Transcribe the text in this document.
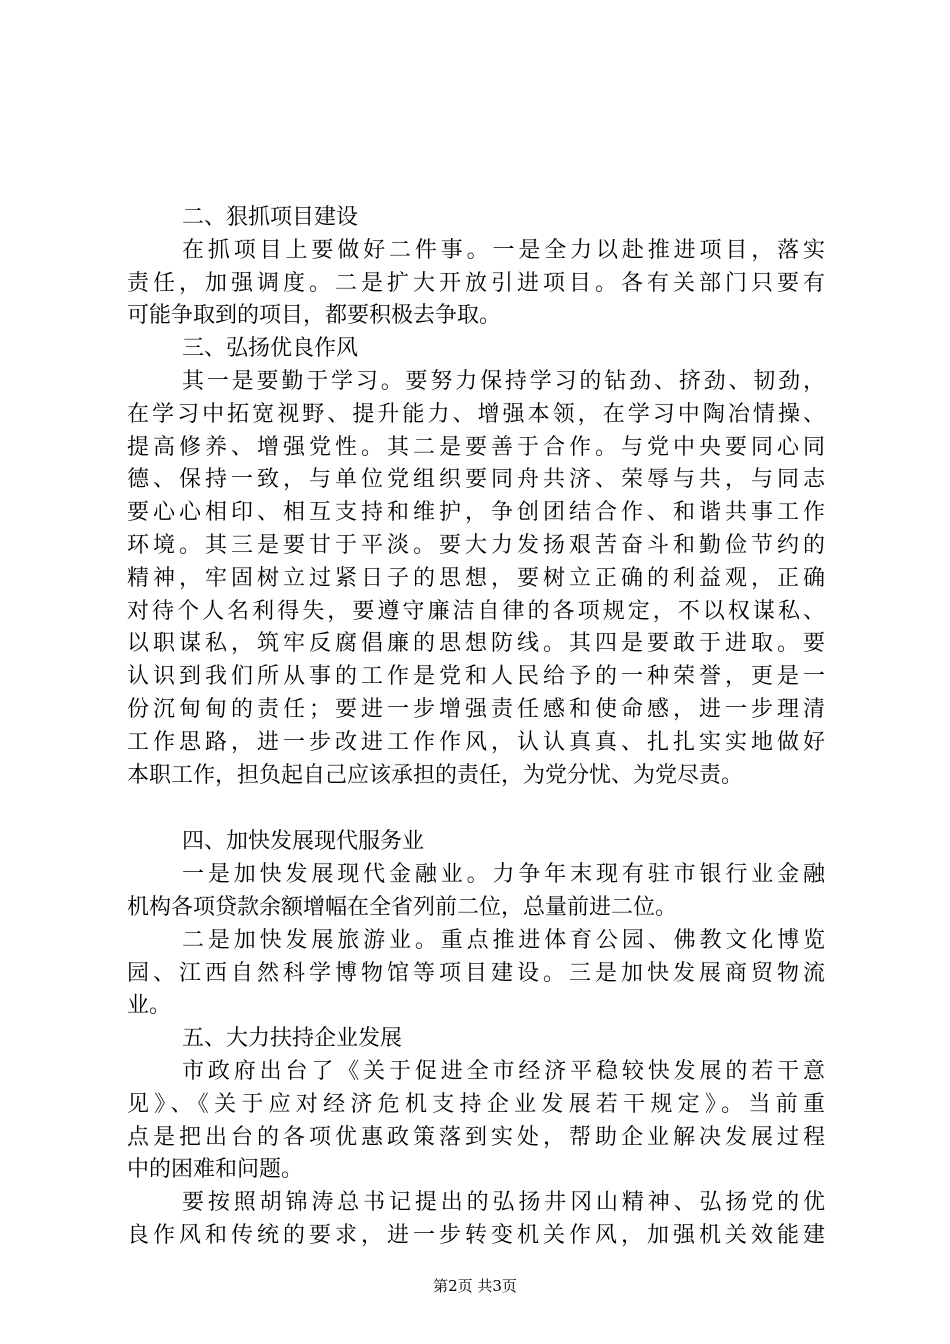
二、狠抓项目建设
在抓项目上要做好二件事。一是全力以赴推进项目，落实
责任，加强调度。二是扩大开放引进项目。各有关部门只要有
可能争取到的项目，都要积极去争取。
三、弘扬优良作风
其一是要勤于学习。要努力保持学习的钻劲、挤劲、韧劲，
在学习中拓宽视野、提升能力、增强本领，在学习中陶冶情操、
提高修养、增强党性。其二是要善于合作。与党中央要同心同
德、保持一致，与单位党组织要同舟共济、荣辱与共，与同志
要心心相印、相互支持和维护，争创团结合作、和谐共事工作
环境。其三是要甘于平淡。要大力发扬艰苦奋斗和勤俭节约的
精神，牢固树立过紧日子的思想，要树立正确的利益观，正确
对待个人名利得失，要遵守廉洁自律的各项规定，不以权谋私、
以职谋私，筑牢反腐倡廉的思想防线。其四是要敢于进取。要
认识到我们所从事的工作是党和人民给予的一种荣誉，更是一
份沉甸甸的责任；要进一步增强责任感和使命感，进一步理清
工作思路，进一步改进工作作风，认认真真、扎扎实实地做好
本职工作，担负起自己应该承担的责任，为党分忧、为党尽责。
四、加快发展现代服务业
一是加快发展现代金融业。力争年末现有驻市银行业金融
机构各项贷款余额增幅在全省列前二位，总量前进二位。
二是加快发展旅游业。重点推进体育公园、佛教文化博览
园、江西自然科学博物馆等项目建设。三是加快发展商贸物流
业。
五、大力扶持企业发展
市政府出台了《关于促进全市经济平稳较快发展的若干意
见》、《关于应对经济危机支持企业发展若干规定》。当前重
点是把出台的各项优惠政策落到实处，帮助企业解决发展过程
中的困难和问题。
要按照胡锦涛总书记提出的弘扬井冈山精神、弘扬党的优
良作风和传统的要求，进一步转变机关作风，加强机关效能建
第2页 共3页
